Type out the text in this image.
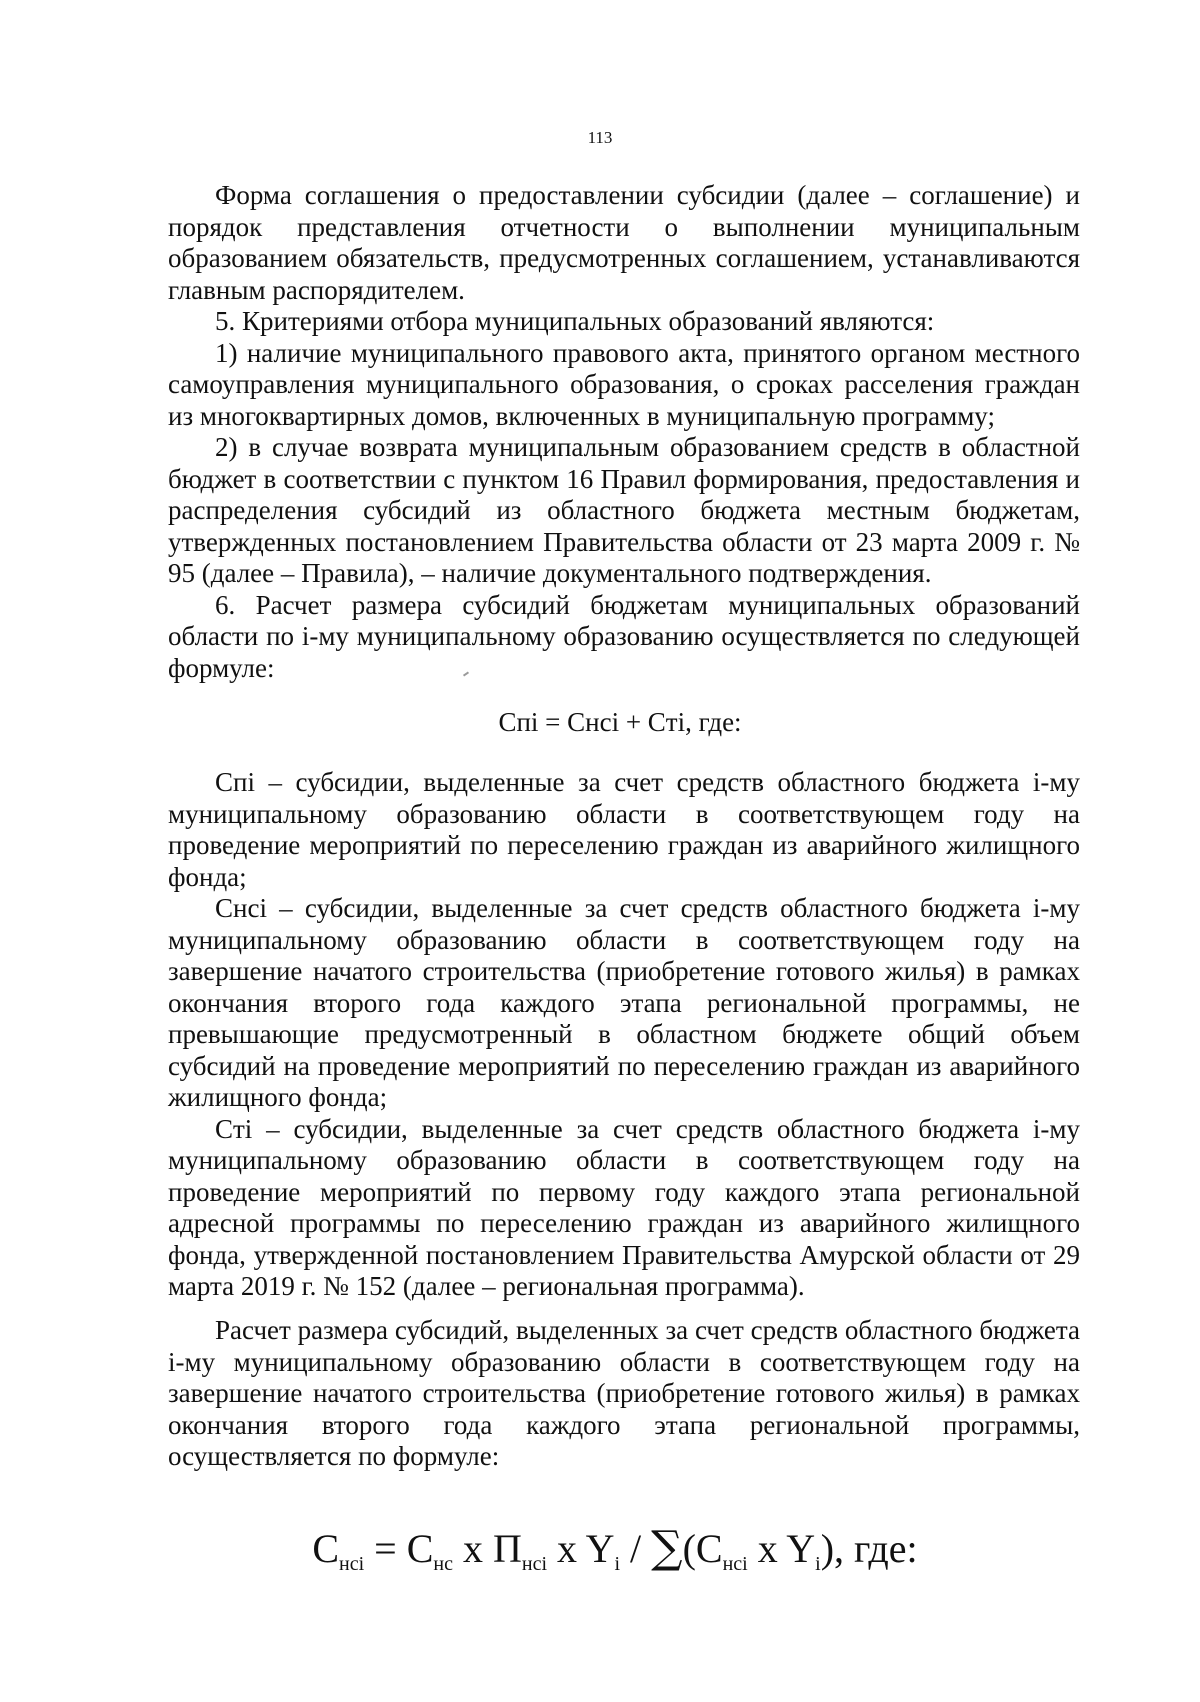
113

Форма соглашения о предоставлении субсидии (далее – соглашение) и порядок представления отчетности о выполнении муниципальным образованием обязательств, предусмотренных соглашением, устанавливаются главным распорядителем.

5. Критериями отбора муниципальных образований являются:

1) наличие муниципального правового акта, принятого органом местного самоуправления муниципального образования, о сроках расселения граждан из многоквартирных домов, включенных в муниципальную программу;

2) в случае возврата муниципальным образованием средств в областной бюджет в соответствии с пунктом 16 Правил формирования, предоставления и распределения субсидий из областного бюджета местным бюджетам, утвержденных постановлением Правительства области от 23 марта 2009 г. № 95 (далее – Правила), – наличие документального подтверждения.

6. Расчет размера субсидий бюджетам муниципальных образований области по i-му муниципальному образованию осуществляется по следующей формуле:

Cпi = Cнсi + Cтi, где:

Cпi – субсидии, выделенные за счет средств областного бюджета i-му муниципальному образованию области в соответствующем году на проведение мероприятий по переселению граждан из аварийного жилищного фонда;

Cнсi – субсидии, выделенные за счет средств областного бюджета i-му муниципальному образованию области в соответствующем году на завершение начатого строительства (приобретение готового жилья) в рамках окончания второго года каждого этапа региональной программы, не превышающие предусмотренный в областном бюджете общий объем субсидий на проведение мероприятий по переселению граждан из аварийного жилищного фонда;

Cтi – субсидии, выделенные за счет средств областного бюджета i-му муниципальному образованию области в соответствующем году на проведение мероприятий по первому году каждого этапа региональной адресной программы по переселению граждан из аварийного жилищного фонда, утвержденной постановлением Правительства Амурской области от 29 марта 2019 г. № 152 (далее – региональная программа).

Расчет размера субсидий, выделенных за счет средств областного бюджета i-му муниципальному образованию области в соответствующем году на завершение начатого строительства (приобретение готового жилья) в рамках окончания второго года каждого этапа региональной программы, осуществляется по формуле:

$C_{нсi} = C_{нс}$ x $П_{нсi}$ x $Y_i / \sum(C_{нсi}$ x $Y_i$), где:
